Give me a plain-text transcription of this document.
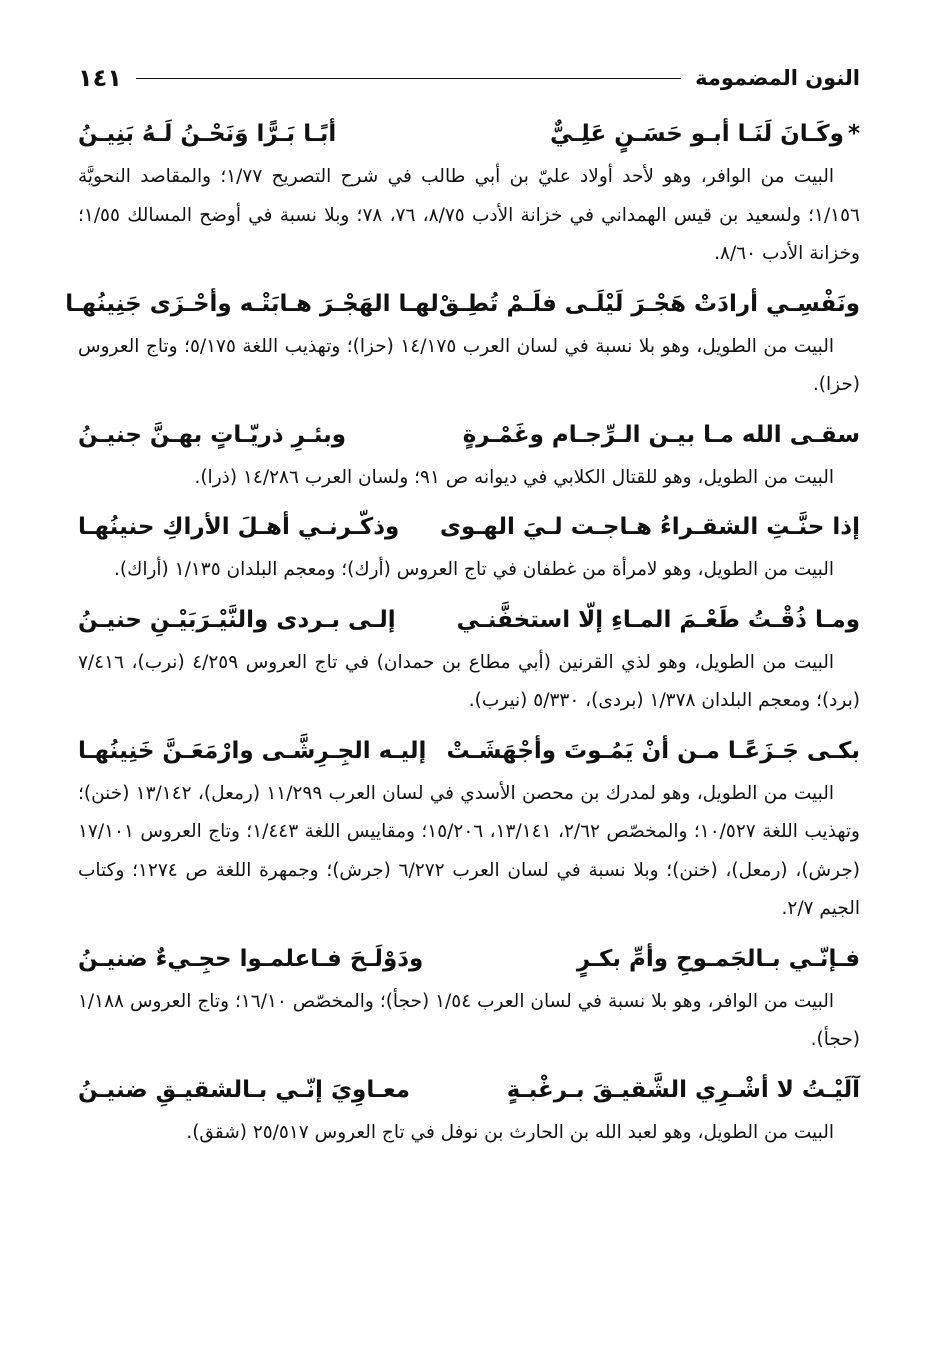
النون المضمومة
١٤١
*وكَـانَ لَنَـا أبـو حَسَـنٍ عَلِـيٌّ
أبًـا بَـرًّا وَنَحْـنُ لَـهُ بَنِيـنُ
البيت من الوافر، وهو لأحد أولاد عليّ بن أبي طالب في شرح التصريح ١/٧٧؛ والمقاصد النحويَّة ١/١٥٦؛ ولسعيد بن قيس الهمداني في خزانة الأدب ٨/٧٥، ٧٦، ٧٨؛ وبلا نسبة في أوضح المسالك ١/٥٥؛ وخزانة الأدب ٨/٦٠.
ونَفْسِـي أرادَتْ هَجْـرَ لَيْلَـى فلَـمْ تُطِـقْ
لهـا الهَجْـرَ هـابَتْـه وأحْـزَى جَنِينُهـا
البيت من الطويل، وهو بلا نسبة في لسان العرب ١٤/١٧٥ (حزا)؛ وتهذيب اللغة ٥/١٧٥؛ وتاج العروس (حزا).
سقـى الله مـا بيـن الـرِّجـام وغَمْـرةٍ
وبئـرِ ذريّـاتٍ بهـنَّ جنيـنُ
البيت من الطويل، وهو للقتال الكلابي في ديوانه ص ٩١؛ ولسان العرب ١٤/٢٨٦ (ذرا).
إذا حنَّـتِ الشقـراءُ هـاجـت لـيَ الهـوى
وذكّـرنـي أهـلَ الأراكِ حنينُهـا
البيت من الطويل، وهو لامرأة من غطفان في تاج العروس (أرك)؛ ومعجم البلدان ١/١٣٥ (أراك).
ومـا ذُقْـتُ طَعْـمَ المـاءِ إلّا استخفَّنـي
إلـى بـردى والنَّيْـرَبَيْـنِ حنيـنُ
البيت من الطويل، وهو لذي القرنين (أبي مطاع بن حمدان) في تاج العروس ٤/٢٥٩ (نرب)، ٧/٤١٦ (برد)؛ ومعجم البلدان ١/٣٧٨ (بردى)، ٥/٣٣٠ (نيرب).
بكـى جَـزَعًـا مـن أنْ يَمُـوتَ وأجْهَشَـتْ
إليـه الجِـرِشَّـى وارْمَعَـنَّ خَنِينُهـا
البيت من الطويل، وهو لمدرك بن محصن الأسدي في لسان العرب ١١/٢٩٩ (رمعل)، ١٣/١٤٢ (خنن)؛ وتهذيب اللغة ١٠/٥٢٧؛ والمخصّص ٢/٦٢، ١٣/١٤١، ١٥/٢٠٦؛ ومقاييس اللغة ١/٤٤٣؛ وتاج العروس ١٧/١٠١ (جرش)، (رمعل)، (خنن)؛ وبلا نسبة في لسان العرب ٦/٢٧٢ (جرش)؛ وجمهرة اللغة ص ١٢٧٤؛ وكتاب الجيم ٢/٧.
فـإنّـي بـالجَمـوحِ وأمِّ بكـرٍ
ودَوْلَـحَ فـاعلمـوا حجِـيءٌ ضنيـنُ
البيت من الوافر، وهو بلا نسبة في لسان العرب ١/٥٤ (حجأ)؛ والمخصّص ١٦/١٠؛ وتاج العروس ١/١٨٨ (حجأ).
آلَيْـتُ لا أشْـرِي الشَّقيـقَ بـرغْبـةٍ
معـاوِيَ إنّـي بـالشقيـقِ ضنيـنُ
البيت من الطويل، وهو لعبد الله بن الحارث بن نوفل في تاج العروس ٢٥/٥١٧ (شقق).
